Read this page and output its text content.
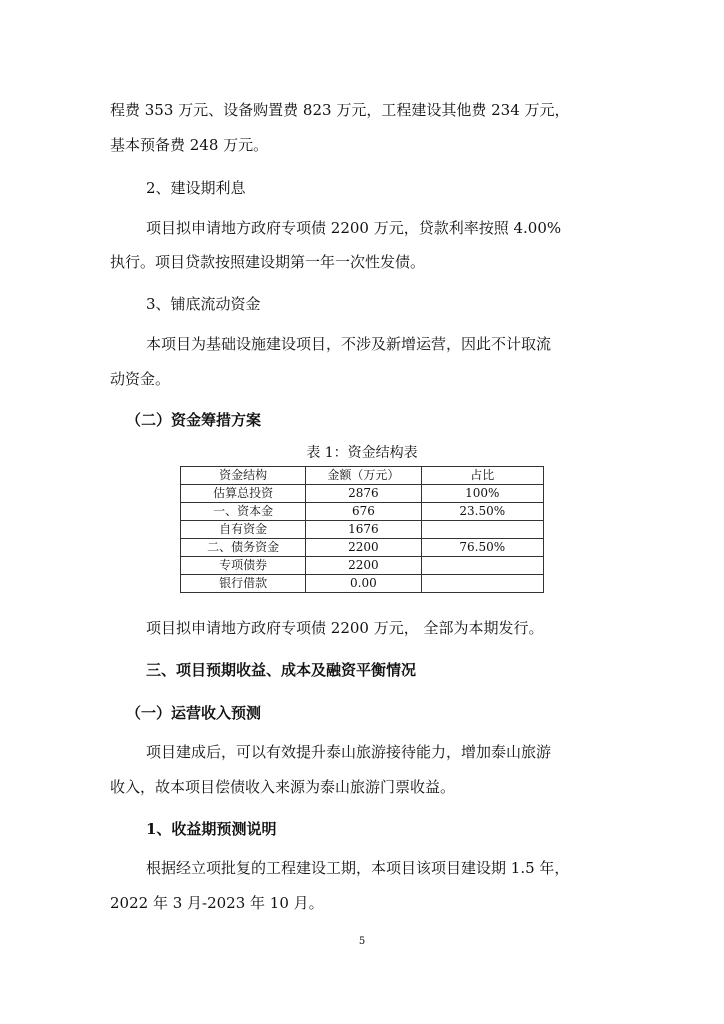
程费 353 万元、设备购置费 823 万元，工程建设其他费 234 万元，
基本预备费 248 万元。
2、建设期利息
项目拟申请地方政府专项债 2200 万元，贷款利率按照 4.00%
执行。项目贷款按照建设期第一年一次性发债。
3、铺底流动资金
本项目为基础设施建设项目，不涉及新增运营，因此不计取流
动资金。
（二）资金筹措方案
表 1：资金结构表
资金结构	金额（万元）	占比
估算总投资	2876	100%
一、资本金	676	23.50%
自有资金	1676	
二、债务资金	2200	76.50%
专项债券	2200	
银行借款	0.00	
项目拟申请地方政府专项债 2200 万元， 全部为本期发行。
三、项目预期收益、成本及融资平衡情况
（一）运营收入预测
项目建成后，可以有效提升泰山旅游接待能力，增加泰山旅游
收入，故本项目偿债收入来源为泰山旅游门票收益。
1、收益期预测说明
根据经立项批复的工程建设工期，本项目该项目建设期 1.5 年，
2022 年 3 月-2023 年 10 月。
5
